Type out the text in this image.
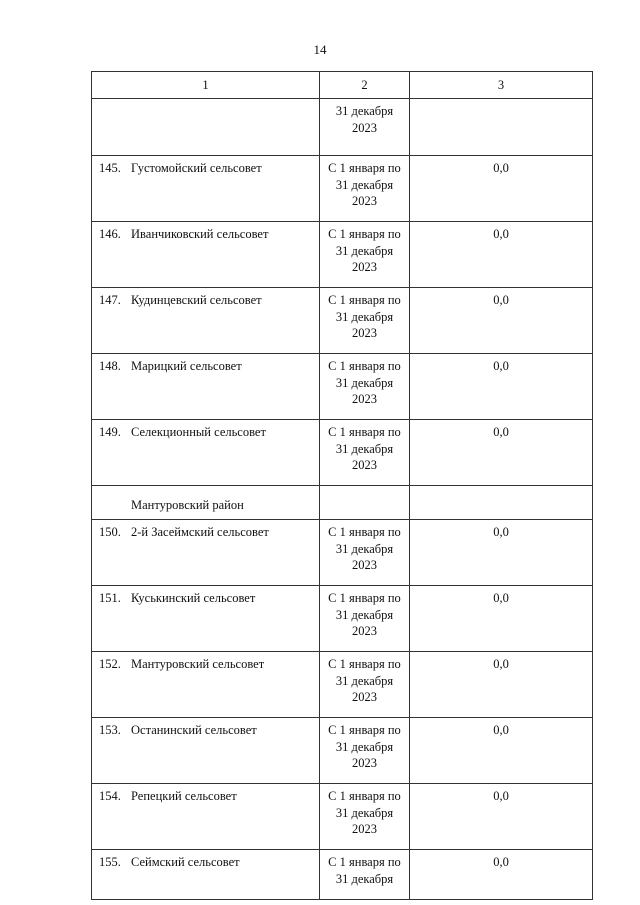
14
1	2	3

	31 декабря
2023	

145. Густомойский сельсовет	С 1 января по
31 декабря
2023	0,0
146. Иванчиковский сельсовет	С 1 января по
31 декабря
2023	0,0
147. Кудинцевский сельсовет	С 1 января по
31 декабря
2023	0,0
148. Марицкий сельсовет	С 1 января по
31 декабря
2023	0,0
149. Селекционный сельсовет	С 1 января по
31 декабря
2023	0,0
Мантуровский район		
150. 2-й Засеймский сельсовет	С 1 января по
31 декабря
2023	0,0
151. Куськинский сельсовет	С 1 января по
31 декабря
2023	0,0
152. Мантуровский сельсовет	С 1 января по
31 декабря
2023	0,0
153. Останинский сельсовет	С 1 января по
31 декабря
2023	0,0
154. Репецкий сельсовет	С 1 января по
31 декабря
2023	0,0
155. Сеймский сельсовет	С 1 января по
31 декабря	0,0
